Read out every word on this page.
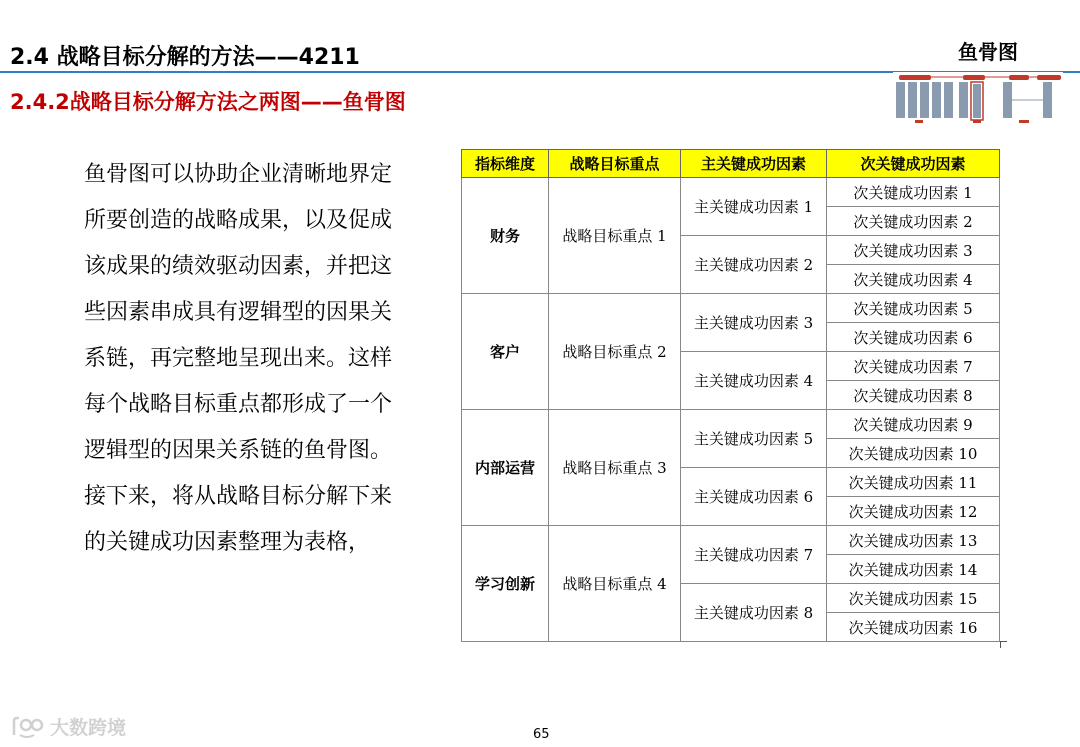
2.4 战略目标分解的方法——4211	鱼骨图
2.4.2战略目标分解方法之两图——鱼骨图
鱼骨图可以协助企业清晰地界定所要创造的战略成果，以及促成该成果的绩效驱动因素，并把这些因素串成具有逻辑型的因果关系链，再完整地呈现出来。这样每个战略目标重点都形成了一个逻辑型的因果关系链的鱼骨图。接下来，将从战略目标分解下来的关键成功因素整理为表格，
指标维度	战略目标重点	主关键成功因素	次关键成功因素
财务	战略目标重点 1	主关键成功因素 1	次关键成功因素 1
			次关键成功因素 2
		主关键成功因素 2	次关键成功因素 3
			次关键成功因素 4
客户	战略目标重点 2	主关键成功因素 3	次关键成功因素 5
			次关键成功因素 6
		主关键成功因素 4	次关键成功因素 7
			次关键成功因素 8
内部运营	战略目标重点 3	主关键成功因素 5	次关键成功因素 9
			次关键成功因素 10
		主关键成功因素 6	次关键成功因素 11
			次关键成功因素 12
学习创新	战略目标重点 4	主关键成功因素 7	次关键成功因素 13
			次关键成功因素 14
		主关键成功因素 8	次关键成功因素 15
			次关键成功因素 16
大数跨境	65
